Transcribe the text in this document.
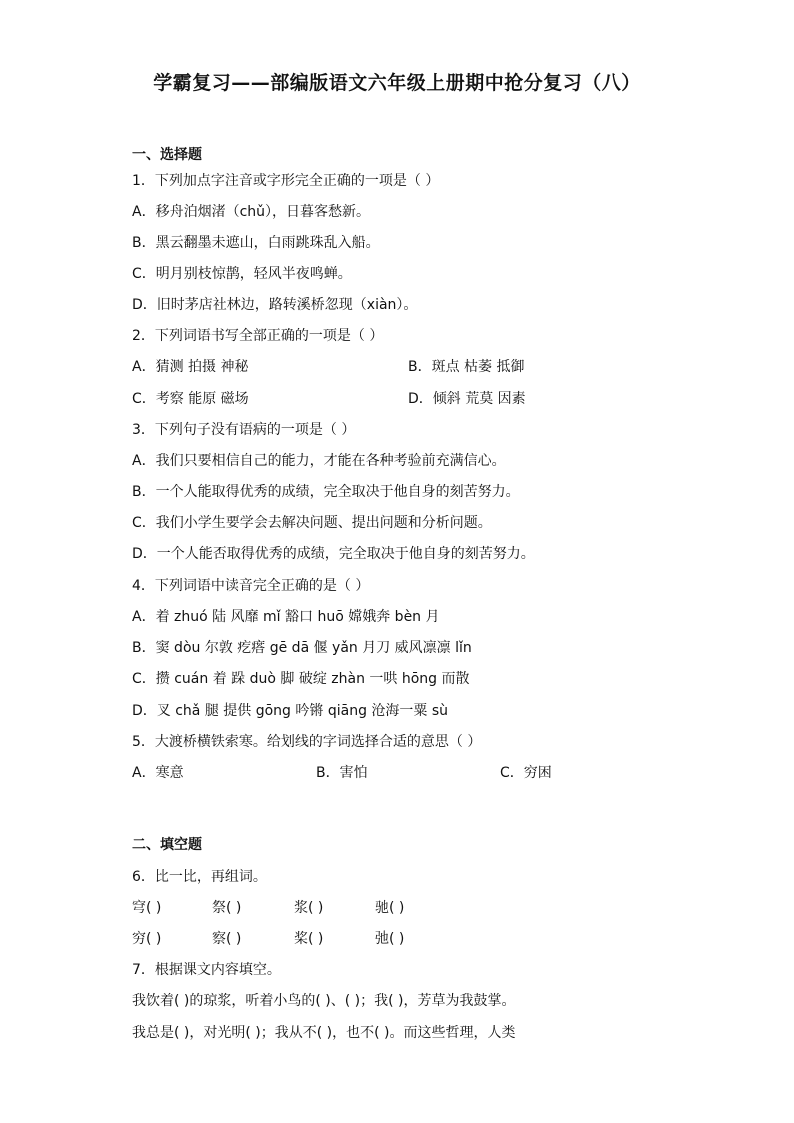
学霸复习——部编版语文六年级上册期中抢分复习（八）
一、选择题
1．下列加点字注音或字形完全正确的一项是（ ）
A．移舟泊烟渚（chǔ），日暮客愁新。
B．黑云翻墨未遮山，白雨跳珠乱入船。
C．明月别枝惊鹊，轻风半夜鸣蝉。
D．旧时茅店社林边，路转溪桥忽现（xiàn）。
2．下列词语书写全部正确的一项是（ ）
A．猜测 拍摄 神秘	B．斑点 枯萎 抵御
C．考察 能原 磁场	D．倾斜 荒莫 因素
3．下列句子没有语病的一项是（ ）
A．我们只要相信自己的能力，才能在各种考验前充满信心。
B．一个人能取得优秀的成绩，完全取决于他自身的刻苦努力。
C．我们小学生要学会去解决问题、提出问题和分析问题。
D．一个人能否取得优秀的成绩，完全取决于他自身的刻苦努力。
4．下列词语中读音完全正确的是（ ）
A．着 zhuó 陆 风靡 mǐ 豁口 huō 嫦娥奔 bèn 月
B．窦 dòu 尔敦 疙瘩 gē dā 偃 yǎn 月刀 威风凛凛 lǐn
C．攒 cuán 着 跺 duò 脚 破绽 zhàn 一哄 hōng 而散
D．叉 chǎ 腿 提供 gōng 吟锵 qiāng 沧海一粟 sù
5．大渡桥横铁索寒。给划线的字词选择合适的意思（ ）
A．寒意	B．害怕	C．穷困
二、填空题
6．比一比，再组词。
穹( )	祭( )	浆( )	驰( )
穷( )	察( )	桨( )	弛( )
7．根据课文内容填空。
我饮着( )的琼浆，听着小鸟的( )、( )；我( )，芳草为我鼓掌。
我总是( )，对光明( )；我从不( )，也不( )。而这些哲理，人类
